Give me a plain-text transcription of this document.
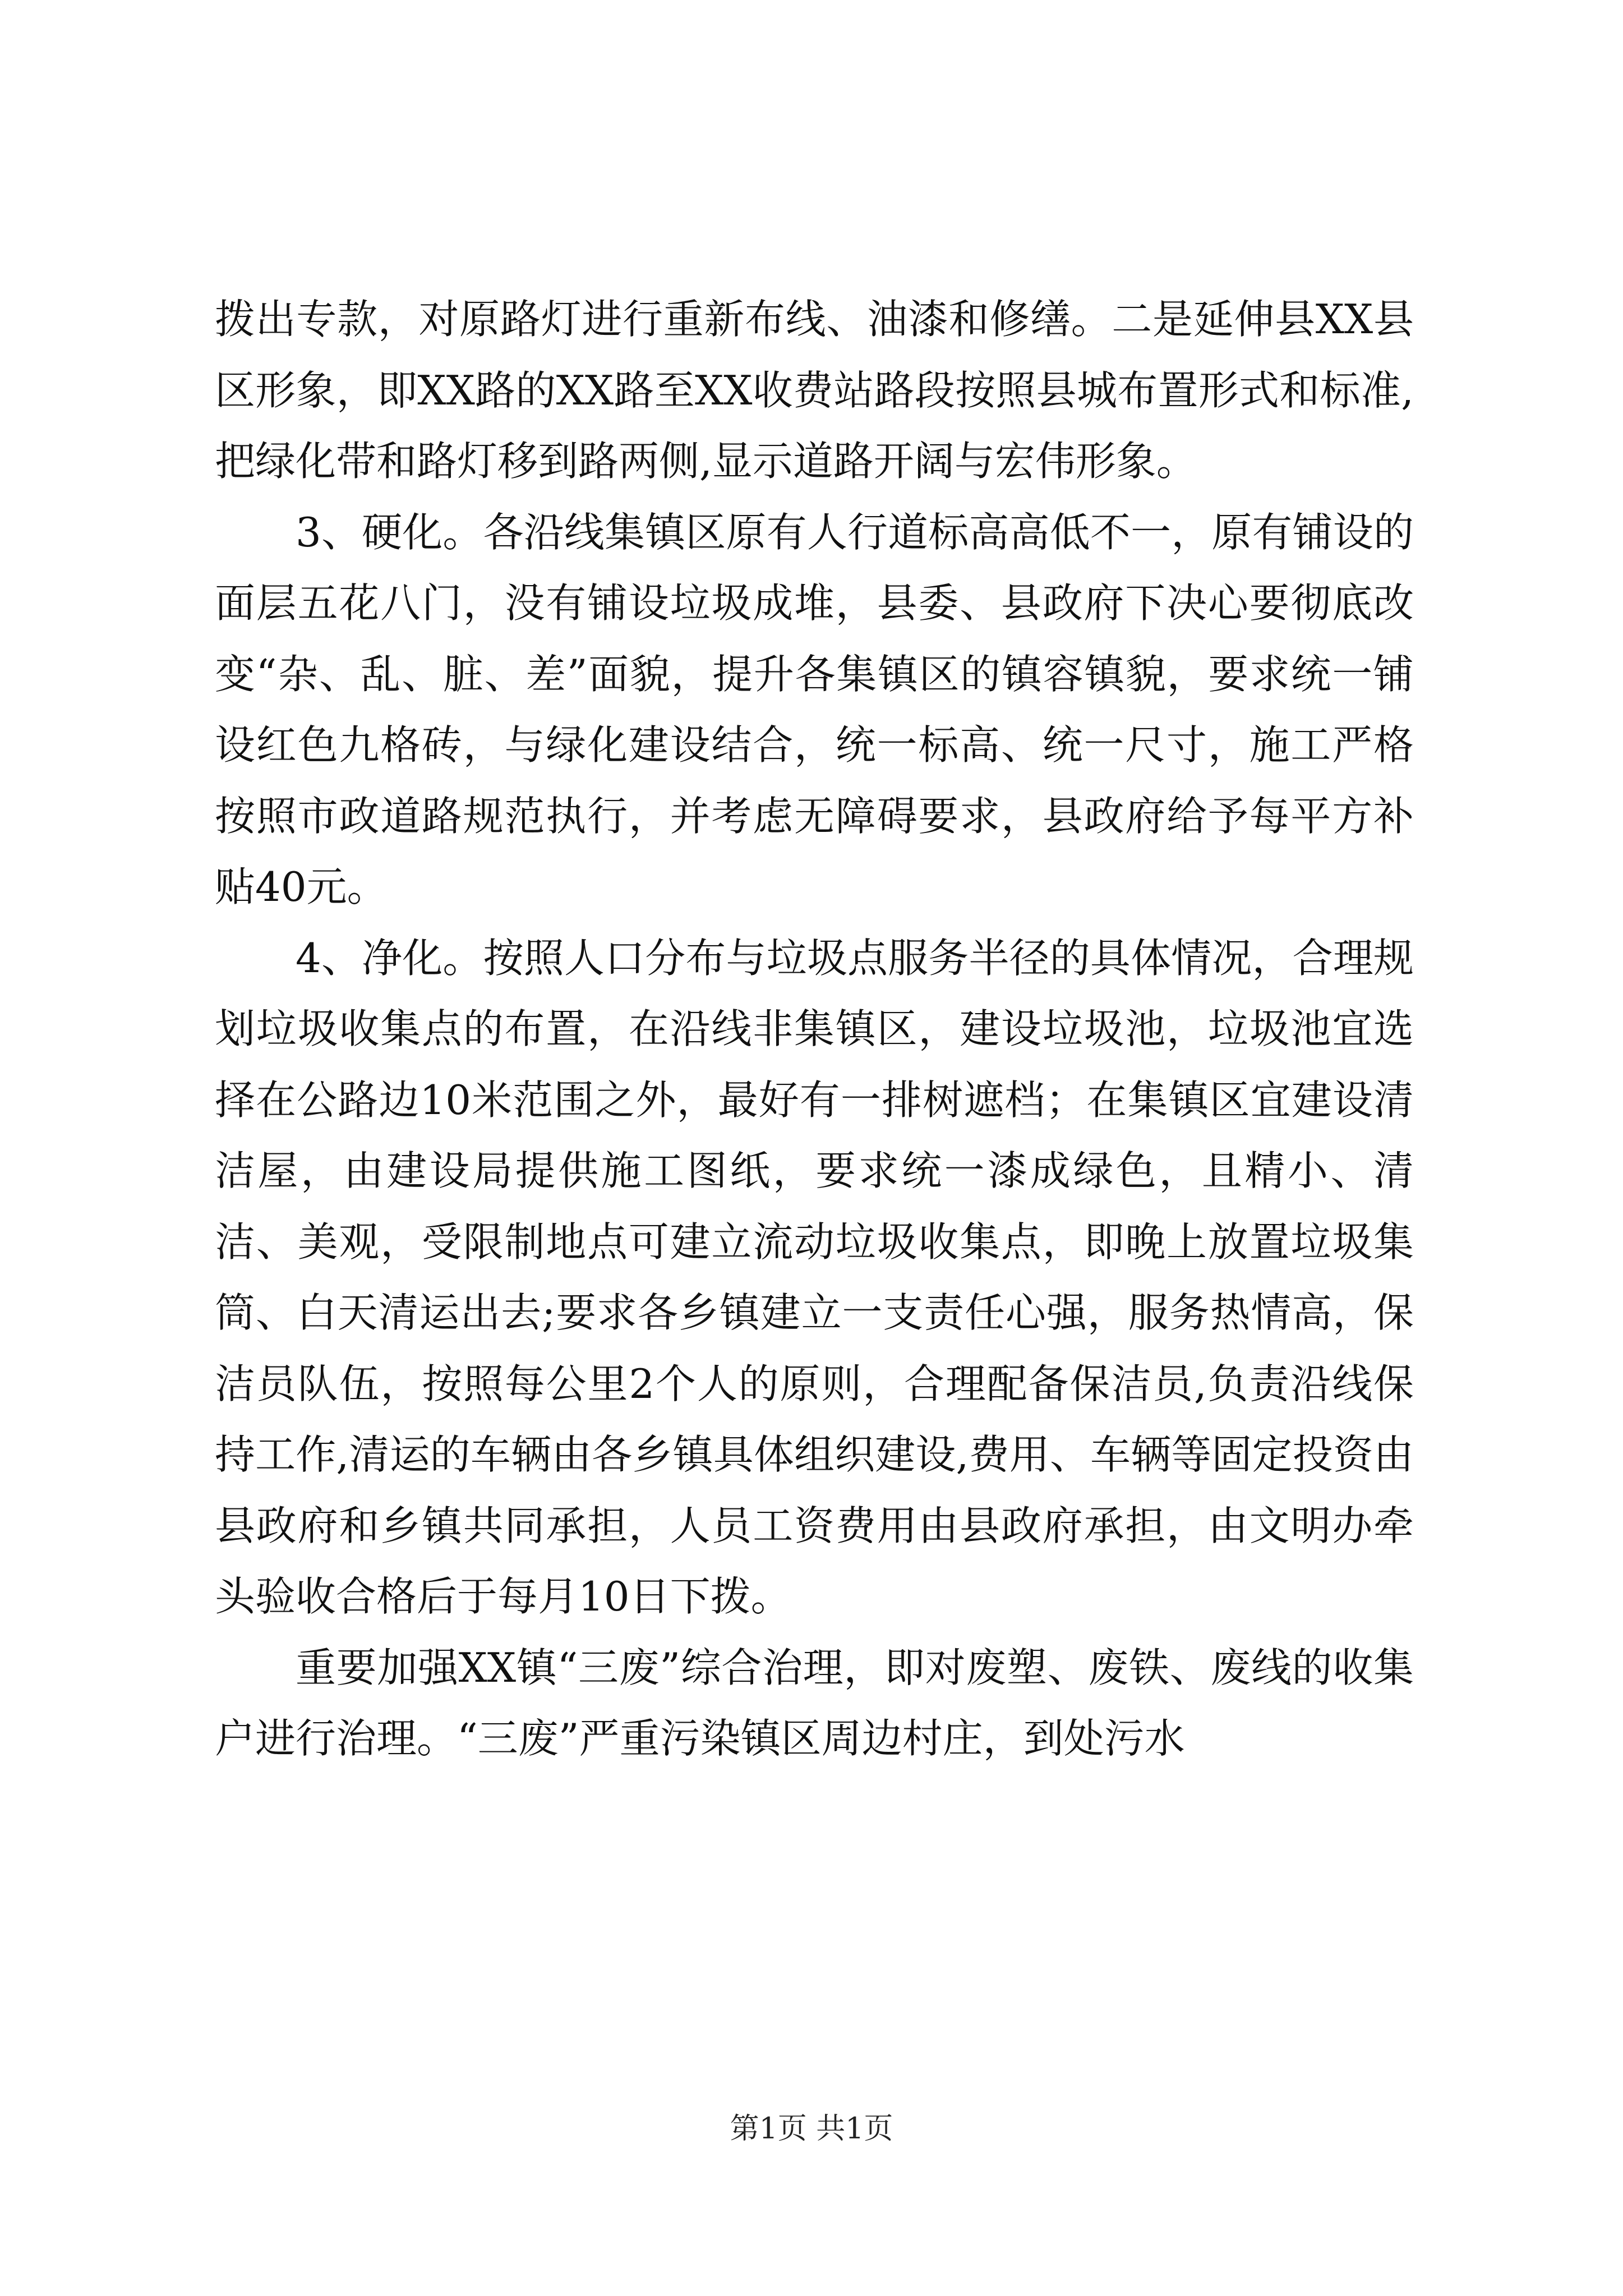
拨出专款，对原路灯进行重新布线、油漆和修缮。二是延伸县XX县区形象，即XX路的XX路至XX收费站路段按照县城布置形式和标准,把绿化带和路灯移到路两侧,显示道路开阔与宏伟形象。

3、硬化。各沿线集镇区原有人行道标高高低不一，原有铺设的面层五花八门，没有铺设垃圾成堆，县委、县政府下决心要彻底改变“杂、乱、脏、差”面貌，提升各集镇区的镇容镇貌，要求统一铺设红色九格砖，与绿化建设结合，统一标高、统一尺寸，施工严格按照市政道路规范执行，并考虑无障碍要求，县政府给予每平方补贴40元。

4、净化。按照人口分布与垃圾点服务半径的具体情况，合理规划垃圾收集点的布置，在沿线非集镇区，建设垃圾池，垃圾池宜选择在公路边10米范围之外，最好有一排树遮档；在集镇区宜建设清洁屋，由建设局提供施工图纸，要求统一漆成绿色，且精小、清洁、美观，受限制地点可建立流动垃圾收集点，即晚上放置垃圾集筒、白天清运出去;要求各乡镇建立一支责任心强，服务热情高，保洁员队伍，按照每公里2个人的原则，合理配备保洁员,负责沿线保持工作,清运的车辆由各乡镇具体组织建设,费用、车辆等固定投资由县政府和乡镇共同承担，人员工资费用由县政府承担，由文明办牵头验收合格后于每月10日下拨。

重要加强XX镇“三废”综合治理，即对废塑、废铁、废线的收集户进行治理。“三废”严重污染镇区周边村庄，到处污水

第1页 共1页
